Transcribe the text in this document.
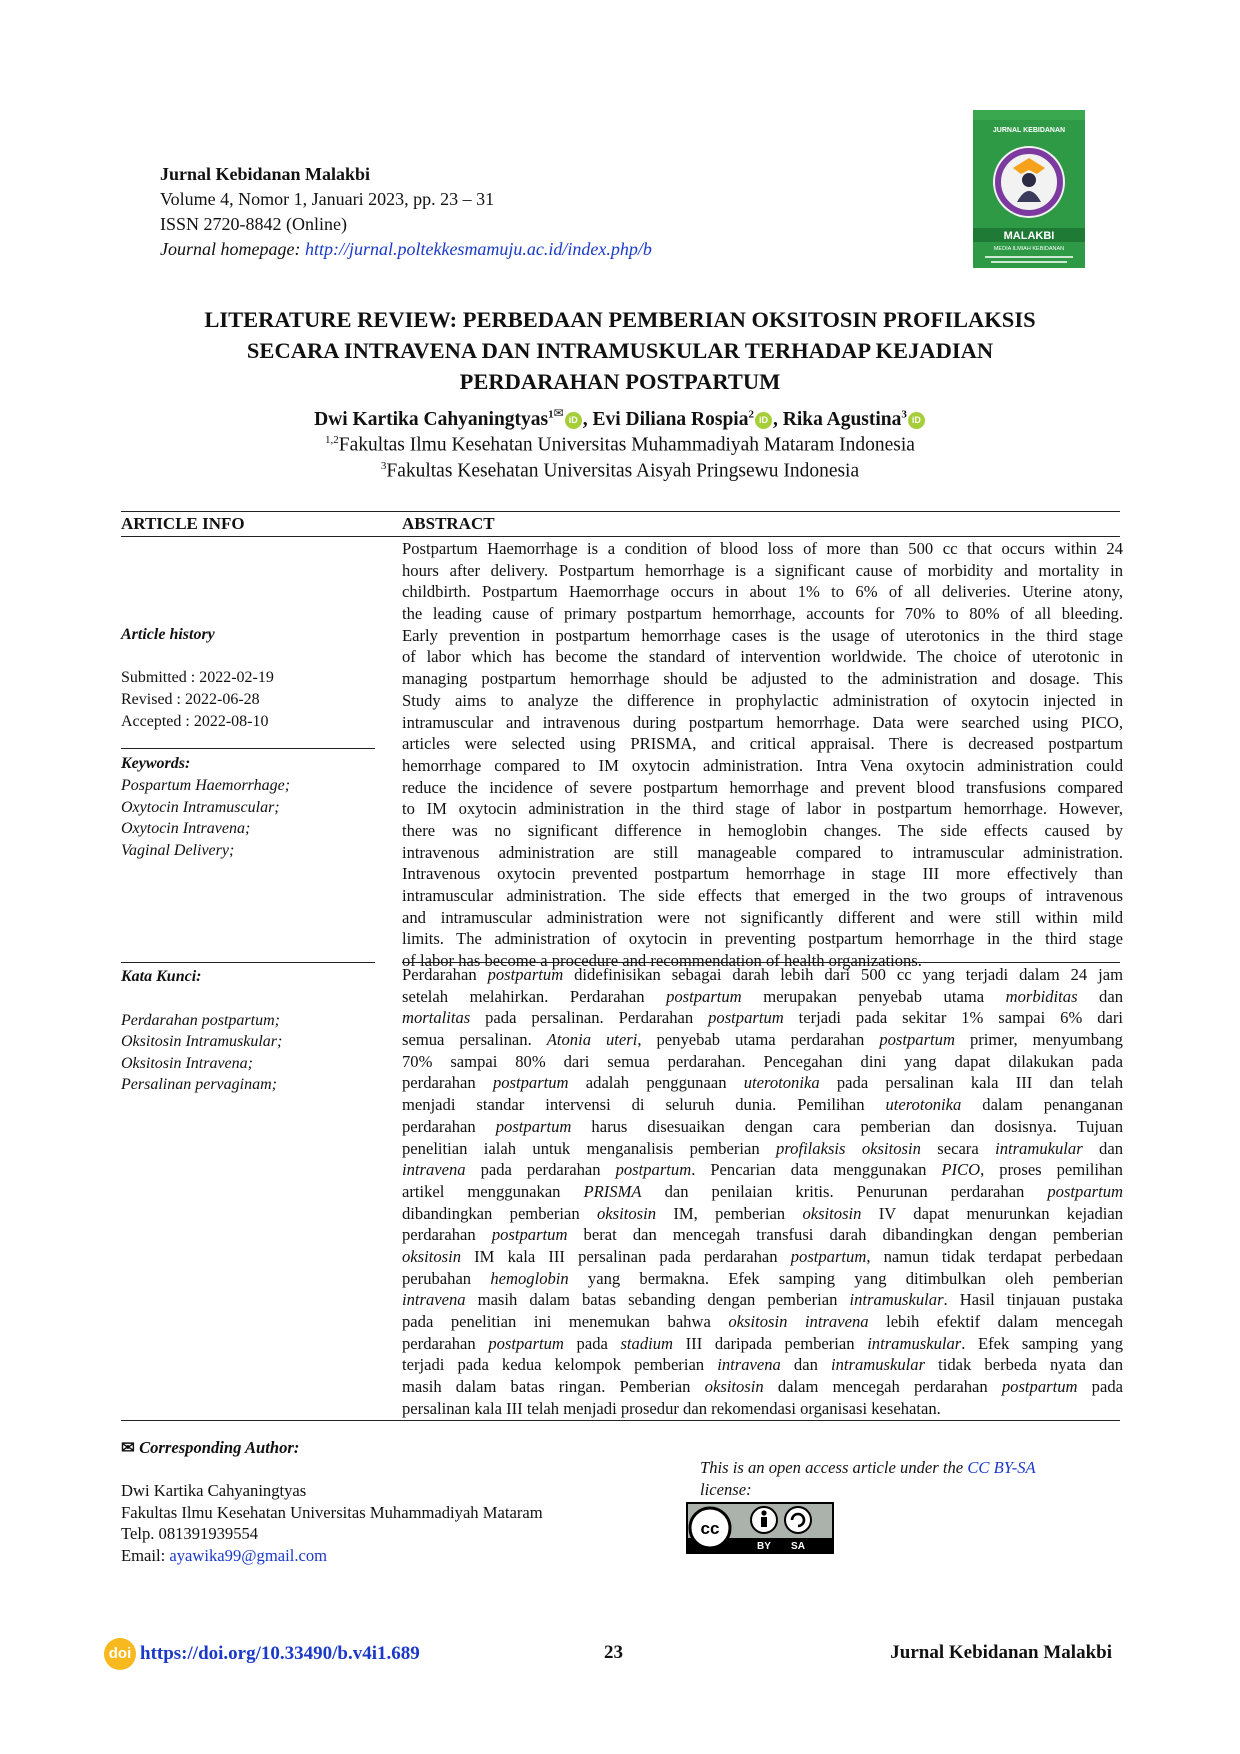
Jurnal Kebidanan Malakbi
Volume 4, Nomor 1, Januari 2023, pp. 23 – 31
ISSN 2720-8842 (Online)
Journal homepage: http://jurnal.poltekkesmamuju.ac.id/index.php/b
JURNAL KEBIDANAN
MALAKBI
MEDIA ILMIAH KEBIDANAN
LITERATURE REVIEW: PERBEDAAN PEMBERIAN OKSITOSIN PROFILAKSIS
SECARA INTRAVENA DAN INTRAMUSKULAR TERHADAP KEJADIAN
PERDARAHAN POSTPARTUM
Dwi Kartika Cahyaningtyas$^{1✉}$ iD , Evi Diliana Rospia$^2$ iD , Rika Agustina$^3$ iD
$^{1,2}$Fakultas Ilmu Kesehatan Universitas Muhammadiyah Mataram Indonesia
$^3$Fakultas Kesehatan Universitas Aisyah Pringsewu Indonesia
ARTICLE INFO	ABSTRACT
Article history
Submitted : 2022-02-19
Revised : 2022-06-28
Accepted : 2022-08-10
Keywords:
Pospartum Haemorrhage;
Oxytocin Intramuscular;
Oxytocin Intravena;
Vaginal Delivery;
Kata Kunci:
Perdarahan postpartum;
Oksitosin Intramuskular;
Oksitosin Intravena;
Persalinan pervaginam;
Postpartum Haemorrhage is a condition of blood loss of more than 500 cc that occurs within 24
hours after delivery. Postpartum hemorrhage is a significant cause of morbidity and mortality in
childbirth. Postpartum Haemorrhage occurs in about 1% to 6% of all deliveries. Uterine atony,
the leading cause of primary postpartum hemorrhage, accounts for 70% to 80% of all bleeding.
Early prevention in postpartum hemorrhage cases is the usage of uterotonics in the third stage
of labor which has become the standard of intervention worldwide. The choice of uterotonic in
managing postpartum hemorrhage should be adjusted to the administration and dosage. This
Study aims to analyze the difference in prophylactic administration of oxytocin injected in
intramuscular and intravenous during postpartum hemorrhage. Data were searched using PICO,
articles were selected using PRISMA, and critical appraisal. There is decreased postpartum
hemorrhage compared to IM oxytocin administration. Intra Vena oxytocin administration could
reduce the incidence of severe postpartum hemorrhage and prevent blood transfusions compared
to IM oxytocin administration in the third stage of labor in postpartum hemorrhage. However,
there was no significant difference in hemoglobin changes. The side effects caused by
intravenous administration are still manageable compared to intramuscular administration.
Intravenous oxytocin prevented postpartum hemorrhage in stage III more effectively than
intramuscular administration. The side effects that emerged in the two groups of intravenous
and intramuscular administration were not significantly different and were still within mild
limits. The administration of oxytocin in preventing postpartum hemorrhage in the third stage
of labor has become a procedure and recommendation of health organizations.
Perdarahan postpartum didefinisikan sebagai darah lebih dari 500 cc yang terjadi dalam 24 jam
setelah melahirkan. Perdarahan postpartum merupakan penyebab utama morbiditas dan
mortalitas pada persalinan. Perdarahan postpartum terjadi pada sekitar 1% sampai 6% dari
semua persalinan. Atonia uteri, penyebab utama perdarahan postpartum primer, menyumbang
70% sampai 80% dari semua perdarahan. Pencegahan dini yang dapat dilakukan pada
perdarahan postpartum adalah penggunaan uterotonika pada persalinan kala III dan telah
menjadi standar intervensi di seluruh dunia. Pemilihan uterotonika dalam penanganan
perdarahan postpartum harus disesuaikan dengan cara pemberian dan dosisnya. Tujuan
penelitian ialah untuk menganalisis pemberian profilaksis oksitosin secara intramukular dan
intravena pada perdarahan postpartum. Pencarian data menggunakan PICO, proses pemilihan
artikel menggunakan PRISMA dan penilaian kritis. Penurunan perdarahan postpartum
dibandingkan pemberian oksitosin IM, pemberian oksitosin IV dapat menurunkan kejadian
perdarahan postpartum berat dan mencegah transfusi darah dibandingkan dengan pemberian
oksitosin IM kala III persalinan pada perdarahan postpartum, namun tidak terdapat perbedaan
perubahan hemoglobin yang bermakna. Efek samping yang ditimbulkan oleh pemberian
intravena masih dalam batas sebanding dengan pemberian intramuskular. Hasil tinjauan pustaka
pada penelitian ini menemukan bahwa oksitosin intravena lebih efektif dalam mencegah
perdarahan postpartum pada stadium III daripada pemberian intramuskular. Efek samping yang
terjadi pada kedua kelompok pemberian intravena dan intramuskular tidak berbeda nyata dan
masih dalam batas ringan. Pemberian oksitosin dalam mencegah perdarahan postpartum pada
persalinan kala III telah menjadi prosedur dan rekomendasi organisasi kesehatan.
✉ Corresponding Author:
Dwi Kartika Cahyaningtyas
Fakultas Ilmu Kesehatan Universitas Muhammadiyah Mataram
Telp. 081391939554
Email: ayawika99@gmail.com
This is an open access article under the CC BY-SA
license:
cc
BY SA
doi https://doi.org/10.33490/b.v4i1.689	23	Jurnal Kebidanan Malakbi
